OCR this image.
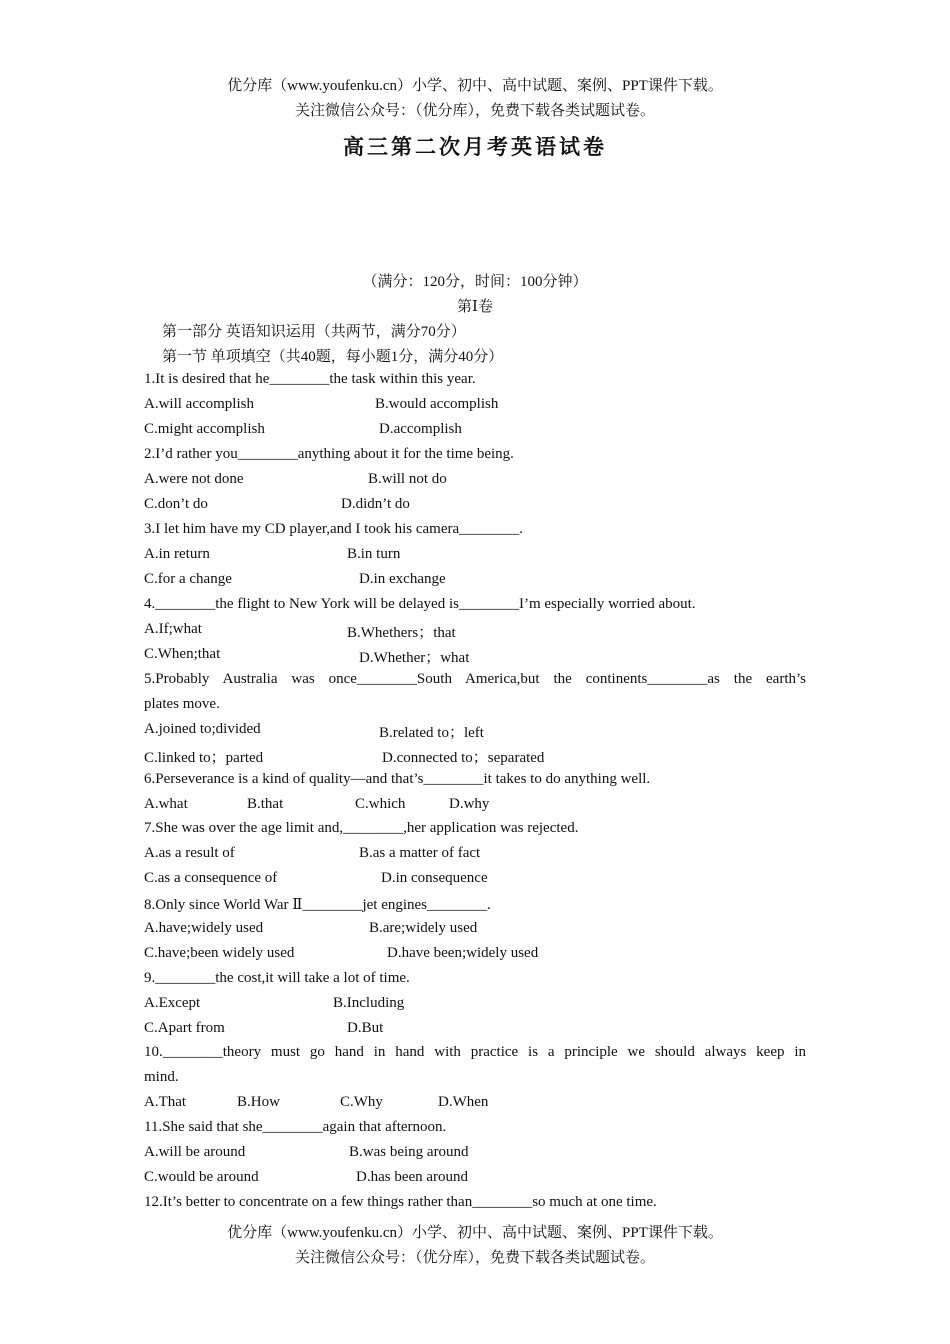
优分库（www.youfenku.cn）小学、初中、高中试题、案例、PPT课件下载。
关注微信公众号：（优分库），免费下载各类试题试卷。
高三第二次月考英语试卷
（满分：120分，时间：100分钟）
第Ⅰ卷
第一部分 英语知识运用（共两节，满分70分）
第一节 单项填空（共40题，每小题1分，满分40分）
1.It is desired that he________the task within this year.
A.will accomplish	B.would accomplish
C.might accomplish	D.accomplish
2.I’d rather you________anything about it for the time being.
A.were not done	B.will not do
C.don’t do	D.didn’t do
3.I let him have my CD player,and I took his camera________.
A.in return	B.in turn
C.for a change	D.in exchange
4.________the flight to New York will be delayed is________I’m especially worried about.
A.If;what	B.Whethers；that
C.When;that	D.Whether；what
5.Probably Australia was once________South America,but the continents________as the earth’s
plates move.
A.joined to;divided	B.related to；left
C.linked to；parted	D.connected to；separated
6.Perseverance is a kind of quality—and that’s________it takes to do anything well.
A.what	B.that	C.which	D.why
7.She was over the age limit and,________,her application was rejected.
A.as a result of	B.as a matter of fact
C.as a consequence of	D.in consequence
8.Only since World War Ⅱ________jet engines________.
A.have;widely used	B.are;widely used
C.have;been widely used	D.have been;widely used
9.________the cost,it will take a lot of time.
A.Except	B.Including
C.Apart from	D.But
10.________theory must go hand in hand with practice is a principle we should always keep in
mind.
A.That	B.How	C.Why	D.When
11.She said that she________again that afternoon.
A.will be around	B.was being around
C.would be around	D.has been around
12.It’s better to concentrate on a few things rather than________so much at one time.
优分库（www.youfenku.cn）小学、初中、高中试题、案例、PPT课件下载。
关注微信公众号：（优分库），免费下载各类试题试卷。
